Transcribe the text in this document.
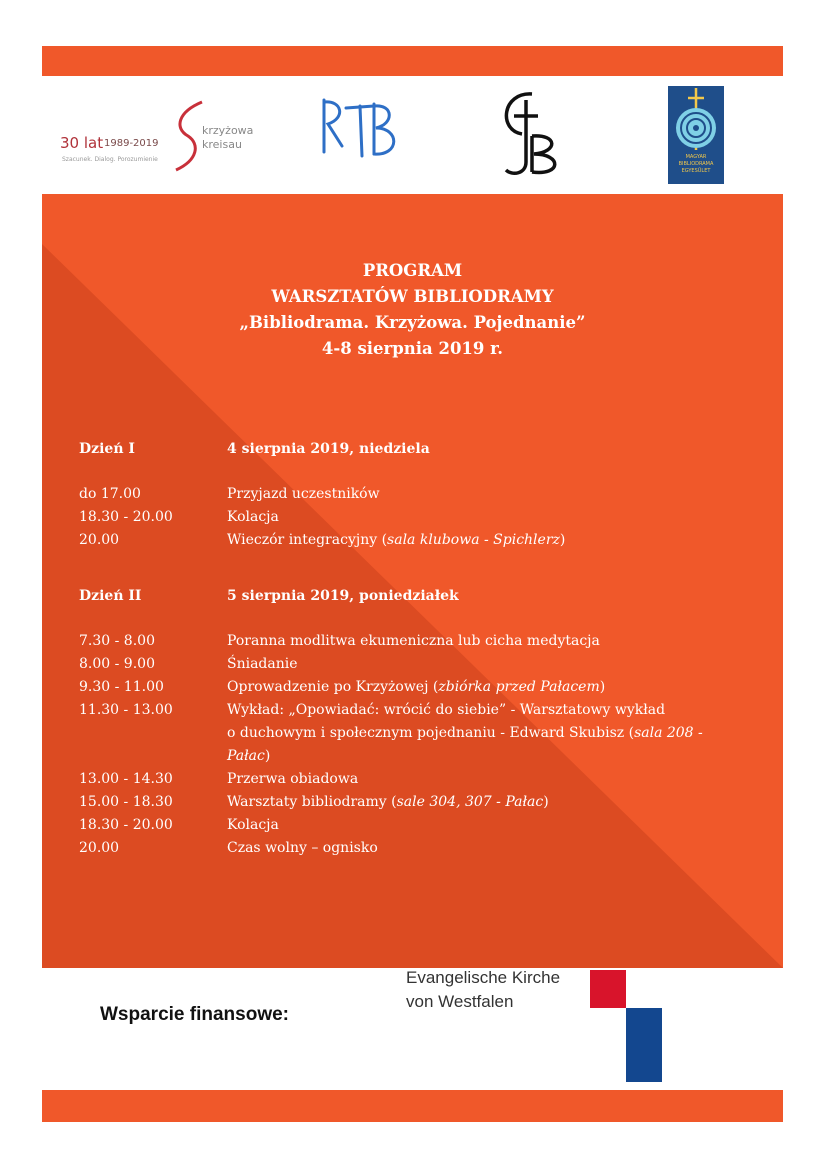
30 lat 1989-2019
Szacunek. Dialog. Porozumienie
krzyżowa
kreisau
MAGYAR
BIBLIODRAMA
EGYESÜLET
PROGRAM
WARSZTATÓW BIBLIODRAMY
„Bibliodrama. Krzyżowa. Pojednanie”
4-8 sierpnia 2019 r.
Dzień I	4 sierpnia 2019, niedziela
do 17.00	Przyjazd uczestników
18.30 - 20.00	Kolacja
20.00	Wieczór integracyjny (sala klubowa - Spichlerz)
Dzień II	5 sierpnia 2019, poniedziałek
7.30 - 8.00	Poranna modlitwa ekumeniczna lub cicha medytacja
8.00 - 9.00	Śniadanie
9.30 - 11.00	Oprowadzenie po Krzyżowej (zbiórka przed Pałacem)
11.30 - 13.00	Wykład: „Opowiadać: wrócić do siebie” - Warsztatowy wykład
o duchowym i społecznym pojednaniu - Edward Skubisz (sala 208 -
Pałac)
13.00 - 14.30	Przerwa obiadowa
15.00 - 18.30	Warsztaty bibliodramy (sale 304, 307 - Pałac)
18.30 - 20.00	Kolacja
20.00	Czas wolny – ognisko
Wsparcie finansowe:
Evangelische Kirche
von Westfalen
